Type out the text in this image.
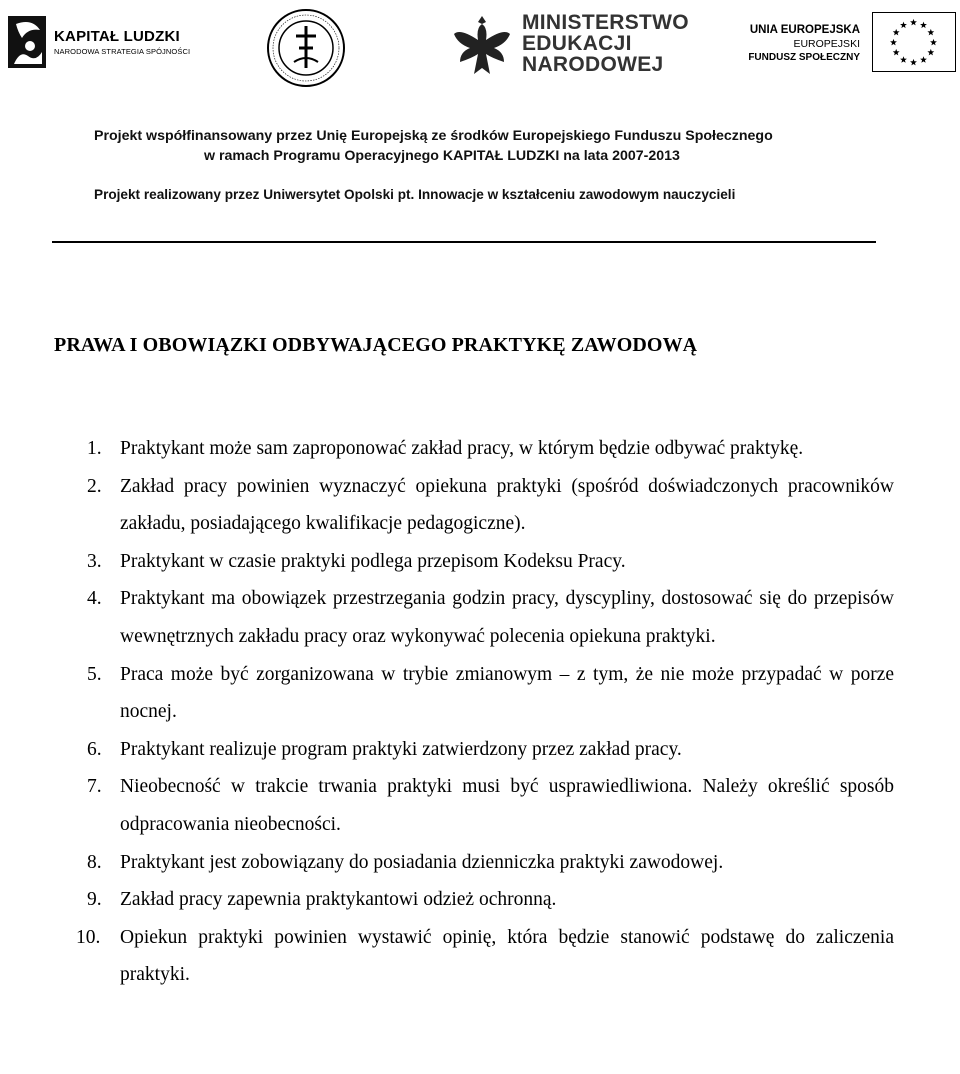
KAPITAŁ LUDZKI
NARODOWA STRATEGIA SPÓJNOŚCI
MINISTERSTWO
EDUKACJI
NARODOWEJ
UNIA EUROPEJSKA
EUROPEJSKI
FUNDUSZ SPOŁECZNY
Projekt współfinansowany przez Unię Europejską ze środków Europejskiego Funduszu Społecznego
w ramach Programu Operacyjnego KAPITAŁ LUDZKI na lata 2007-2013
Projekt realizowany przez Uniwersytet Opolski pt. Innowacje w kształceniu zawodowym nauczycieli
PRAWA I OBOWIĄZKI ODBYWAJĄCEGO PRAKTYKĘ ZAWODOWĄ
1. Praktykant może sam zaproponować zakład pracy, w którym będzie odbywać praktykę.
2. Zakład pracy powinien wyznaczyć opiekuna praktyki (spośród doświadczonych pracowników zakładu, posiadającego kwalifikacje pedagogiczne).
3. Praktykant w czasie praktyki podlega przepisom Kodeksu Pracy.
4. Praktykant ma obowiązek przestrzegania godzin pracy, dyscypliny, dostosować się do przepisów wewnętrznych zakładu pracy oraz wykonywać polecenia opiekuna praktyki.
5. Praca może być zorganizowana w trybie zmianowym – z tym, że nie może przypadać w porze nocnej.
6. Praktykant realizuje program praktyki zatwierdzony przez zakład pracy.
7. Nieobecność w trakcie trwania praktyki musi być usprawiedliwiona. Należy określić sposób odpracowania nieobecności.
8. Praktykant jest zobowiązany do posiadania dzienniczka praktyki zawodowej.
9. Zakład pracy zapewnia praktykantowi odzież ochronną.
10.	Opiekun praktyki powinien wystawić opinię, która będzie stanowić podstawę do zaliczenia praktyki.
